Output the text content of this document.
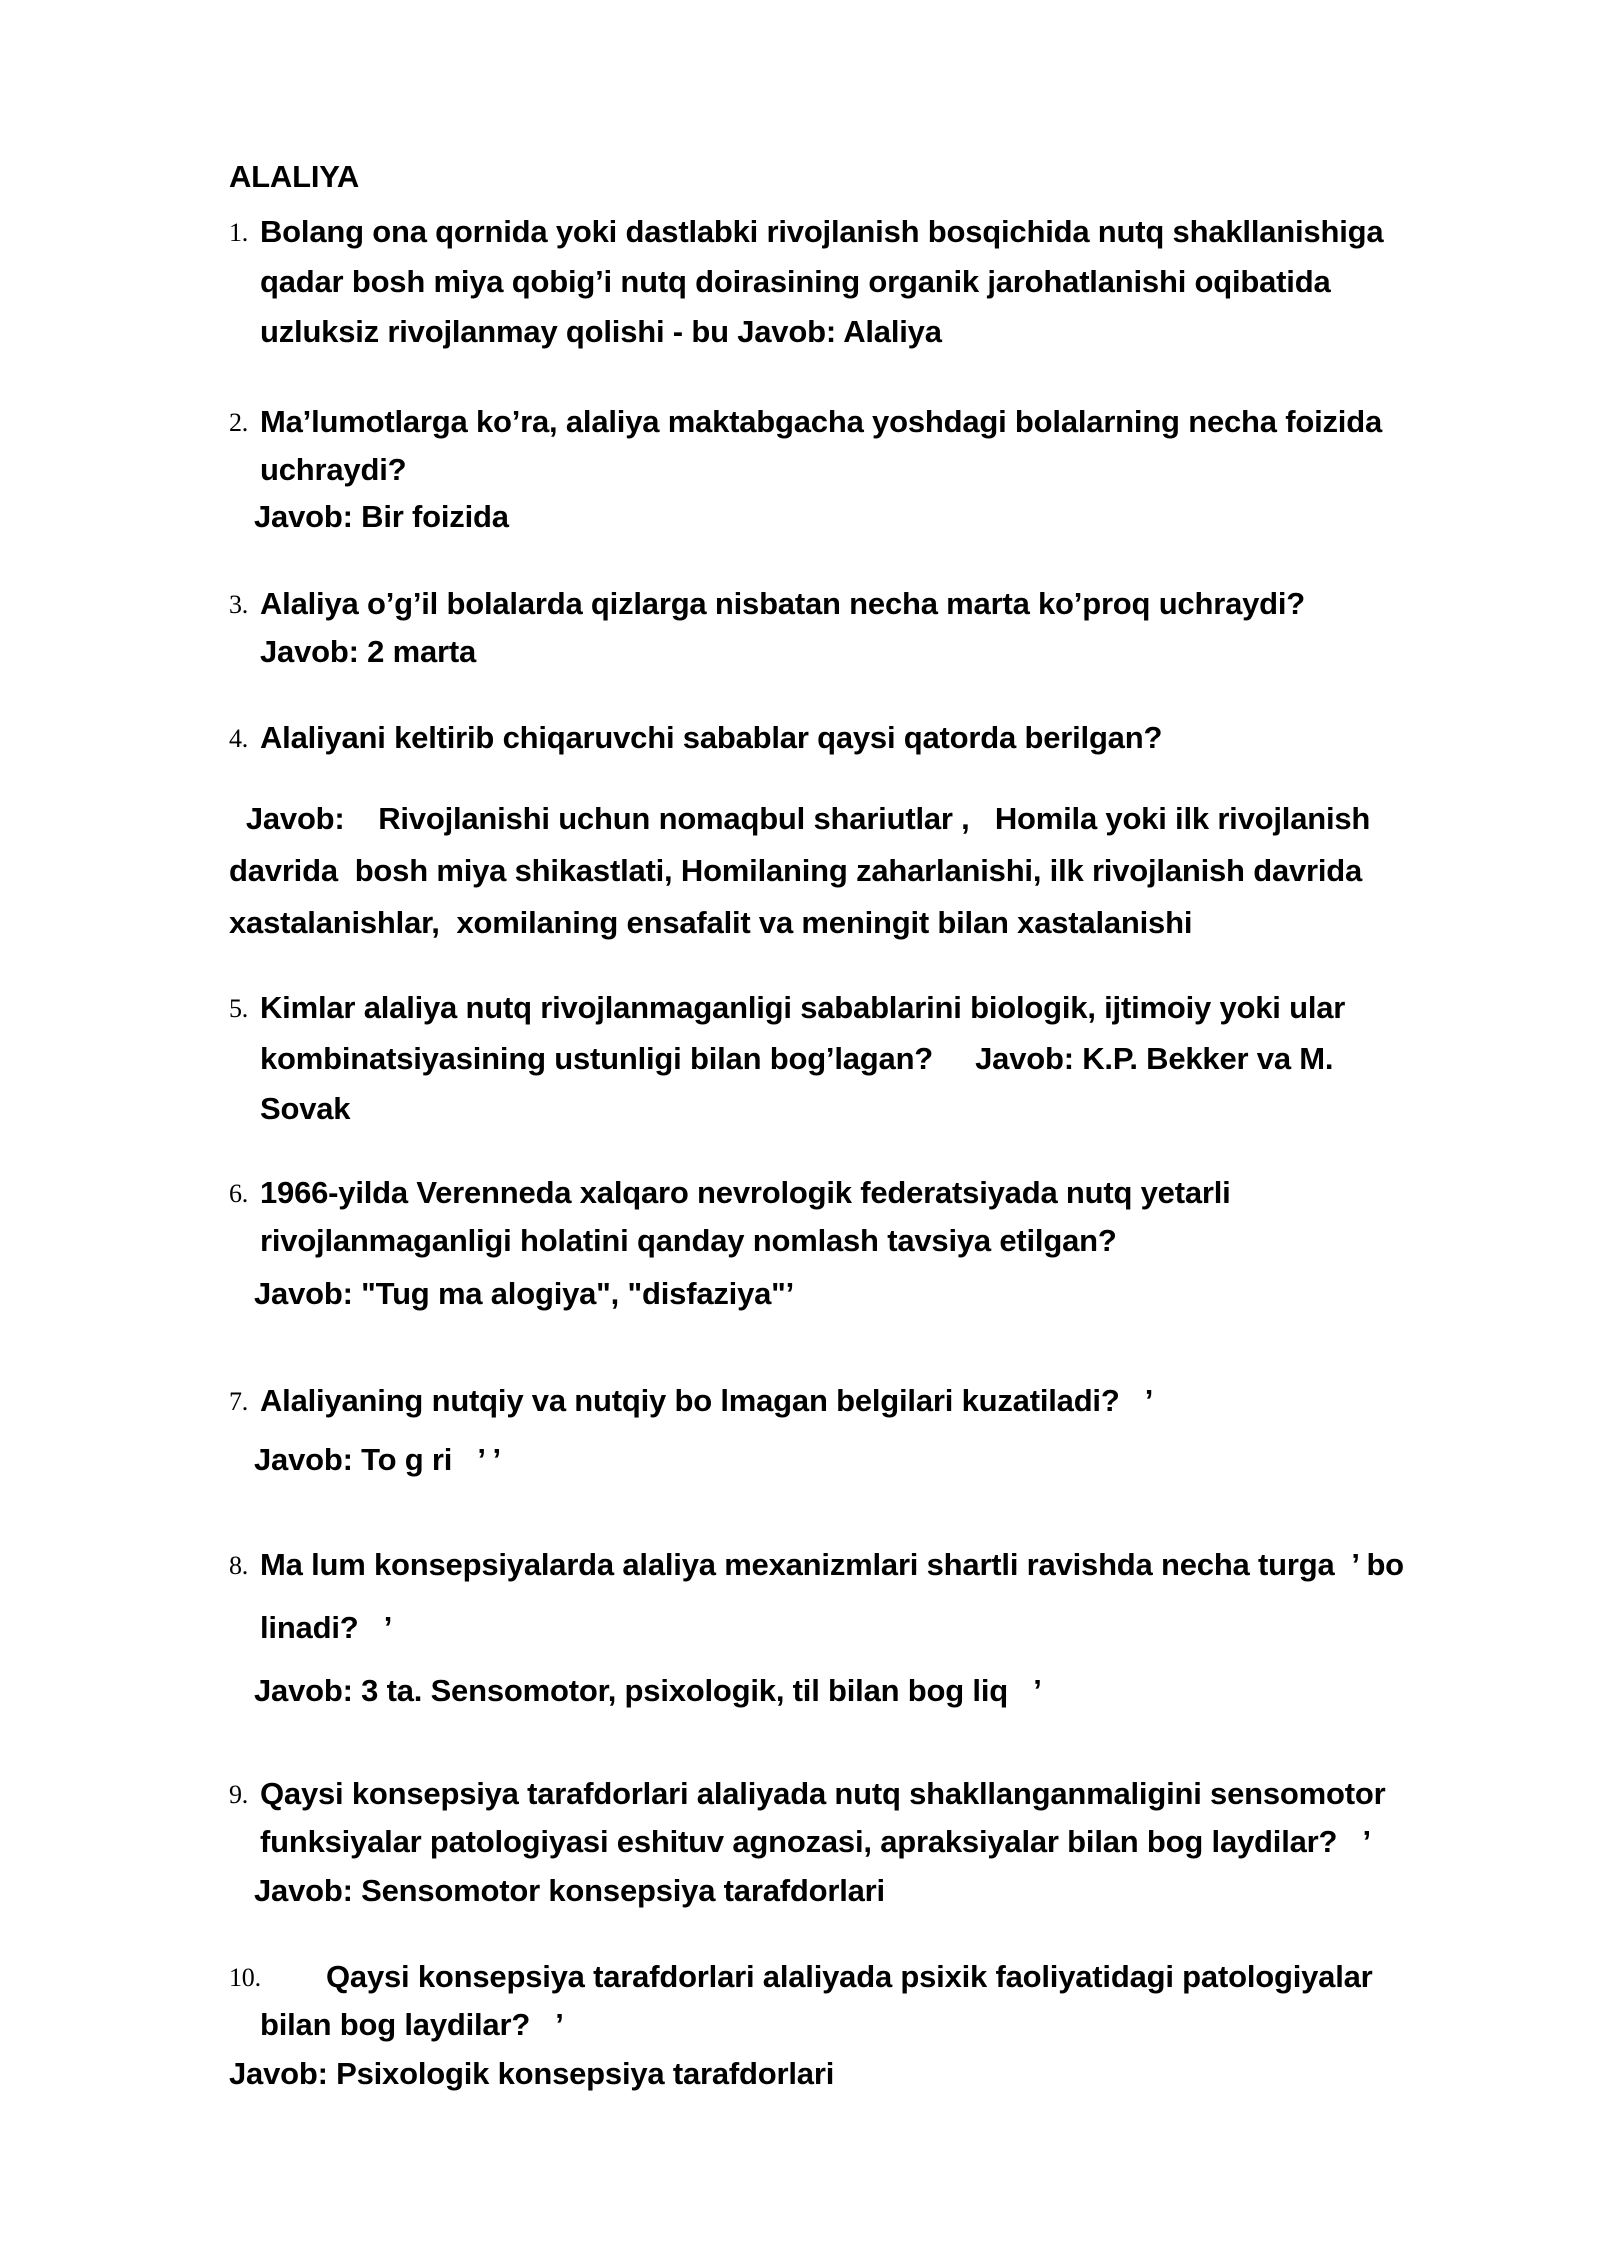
ALALIYA
1. Bolang ona qornida yoki dastlabki rivojlanish bosqichida nutq shakllanishiga
qadar bosh miya qobig’i nutq doirasining organik jarohatlanishi oqibatida
uzluksiz rivojlanmay qolishi - bu Javob: Alaliya
2. Ma’lumotlarga ko’ra, alaliya maktabgacha yoshdagi bolalarning necha foizida
uchraydi?
Javob: Bir foizida
3. Alaliya o’g’il bolalarda qizlarga nisbatan necha marta ko’proq uchraydi?
Javob: 2 marta
4. Alaliyani keltirib chiqaruvchi sabablar qaysi qatorda berilgan?
Javob:    Rivojlanishi uchun nomaqbul shariutlar ,   Homila yoki ilk rivojlanish
davrida  bosh miya shikastlati, Homilaning zaharlanishi, ilk rivojlanish davrida
xastalanishlar,  xomilaning ensafalit va meningit bilan xastalanishi
5. Kimlar alaliya nutq rivojlanmaganligi sabablarini biologik, ijtimoiy yoki ular
kombinatsiyasining ustunligi bilan bog’lagan?     Javob: K.P. Bekker va M.
Sovak
6. 1966-yilda Verenneda xalqaro nevrologik federatsiyada nutq yetarli
rivojlanmaganligi holatini qanday nomlash tavsiya etilgan?
Javob: "Tug ma alogiya", "disfaziya"’
7. Alaliyaning nutqiy va nutqiy bo lmagan belgilari kuzatiladi?   ’
Javob: To g ri   ’ ’
8. Ma lum konsepsiyalarda alaliya mexanizmlari shartli ravishda necha turga  ’ bo
linadi?   ’
Javob: 3 ta. Sensomotor, psixologik, til bilan bog liq   ’
9. Qaysi konsepsiya tarafdorlari alaliyada nutq shakllanganmaligini sensomotor
funksiyalar patologiyasi eshituv agnozasi, apraksiyalar bilan bog laydilar?   ’
Javob: Sensomotor konsepsiya tarafdorlari
10. Qaysi konsepsiya tarafdorlari alaliyada psixik faoliyatidagi patologiyalar
bilan bog laydilar?   ’
Javob: Psixologik konsepsiya tarafdorlari
